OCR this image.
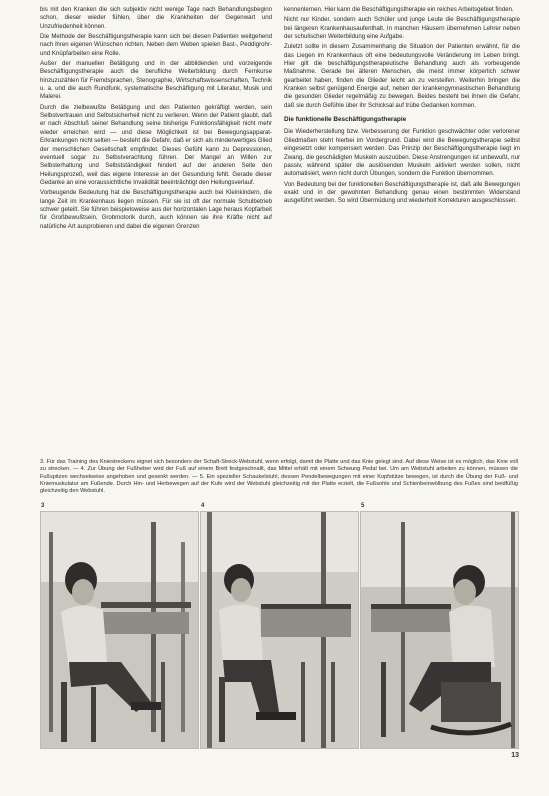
bis mit den Kranken die sich subjektiv nicht wenige Tage nach Behandlungsbeginn schon, dieser wieder fühlen, über die Krankheiten der Gegenwart und Unzufriedenheit können.

Die Methode der Beschäftigungstherapie kann sich bei diesen Patienten weitgehend nach ihren eigenen Wünschen richten. Neben dem Weben spielen Bast-, Peddigrohr- und Knüpfarbeiten eine Rolle.

Außer der manuellen Betätigung und in der abbildenden und vorzeigende Beschäftigungstherapie auch die berufliche Weiterbildung durch Fernkurse hinzuzuzählen für Fremdsprachen, Stenographie, Wirtschaftswissenschaften, Technik u. a. und die auch Rundfunk, systematische Beschäftigung mit Literatur, Musik und Malerei.

Durch die zielbewußte Betätigung und den Patienten gekräftigt werden, sein Selbstvertrauen und Selbstsicherheit nicht zu verlieren. Wenn der Patient glaubt, daß er nach Abschluß seiner Behandlung seine bisherige Funktionsfähigkeit nicht mehr wieder erreichen wird — und diese Möglichkeit ist bei Bewegungsapparat-Erkrankungen nicht selten — besteht die Gefahr, daß er sich als minderwertiges Glied der menschlichen Gesellschaft empfindet. Dieses Gefühl kann zu Depressionen, eventuell sogar zu Selbstverachtung führen. Der Mangel an Willen zur Selbsterhaltung und Selbstständigkeit hindert auf der anderen Seite den Heilungsprozeß, weil das eigene Interesse an der Gesundung fehlt. Gerade dieser Gedanke an eine voraussichtliche Invalidität beeinträchtigt den Heilungsverlauf.

Vorbeugende Bedeutung hat die Beschäftigungstherapie auch bei Kleinkindern, die lange Zeit im Krankenhaus liegen müssen. Für sie ist oft der normale Schulbetrieb schwer geteilt. Sie führen beispielsweise aus der horizontalen Lage heraus Kopfarbeit für Großbewußtsein, Grobmotorik durch, auch können sie ihre Kräfte nicht auf natürliche Art ausprobieren und dabei die eigenen Grenzen

kennenlernen. Hier kann die Beschäftigungstherapie ein reiches Arbeitsgebiet finden.

Nicht nur Kinder, sondern auch Schüler und junge Leute die Beschäftigungstherapie bei längeren Krankenhausaufenthalt. In manchen Häusern übernehmen Lehrer neben der schulischen Weiterbildung eine Aufgabe.

Zuletzt sollte in diesem Zusammenhang die Situation der Patienten erwähnt, für die das Liegen im Krankenhaus oft eine bedeutungsvolle Veränderung im Leben bringt. Hier gilt die beschäftigungstherapeutische Behandlung auch als vorbeugende Maßnahme. Gerade bei älteren Menschen, die meist immer körperlich schwer gearbeitet haben, finden die Glieder leicht an zu versteifen. Weiterhin bringen die Kranken selbst genügend Energie auf, neben der krankengymnastischen Behandlung die gesunden Glieder regelmäßig zu bewegen. Beides besteht bei ihnen die Gefahr, daß sie durch Gefühle über ihr Schicksal auf trübe Gedanken kommen.

Die funktionelle Beschäftigungstherapie

Die Wiederherstellung bzw. Verbesserung der Funktion geschwächter oder verlorener Gliedmaßen steht hierbei im Vordergrund. Dabei wird die Bewegungstherapie selbst eingesetzt oder kompensiert werden. Das Prinzip der Beschäftigungstherapie liegt im Zwang, die geschädigten Muskeln auszuüben. Diese Anstrengungen ist unbewußt, nur passiv, während später die auslösenden Muskeln aktiviert werden sollen, nicht automatisiert, wenn nicht durch Übungen, sondern die Funktion übernommen.

Von Bedeutung bei der funktionellen Beschäftigungstherapie ist, daß alle Bewegungen exakt und in der gewohnten Behandlung genau einen bestimmten Widerstand ausgeführt werden. So wird Übermüdung und wiederholt Korrekturen ausgeschlossen.

3. Für das Training des Kniestreckens eignet sich besonders der Schaft-Streck-Webstuhl, wenn erfolgt, damit die Platte und das Knie gelegt sind. Auf diese Weise ist es möglich, das Knie voll zu strecken. — 4. Zur Übung der Fußheber wird der Fuß auf einem Brett festgeschnallt, das Mittel erhält mit einem Schwung Pedal bei. Um am Webstuhl arbeiten zu können, müssen die Fußspitzen wechselweise angehoben und gesenkt werden. — 5. Ein spezieller Schaukelstuhl, dessen Pendelbewegungen mit einer Kopfstütze bewegen, ist durch die Übung der Fuß- und Kniemuskulatur am Fußende. Durch Hin- und Herbewegen auf der Kufe wird der Webstuhl gleichzeitig mit der Platte erzielt, die Fußsohle und Schienbeinwölbung des Fußes sind beidfüßig gleichzeitig den Webstuhl.
3	4	5
13
